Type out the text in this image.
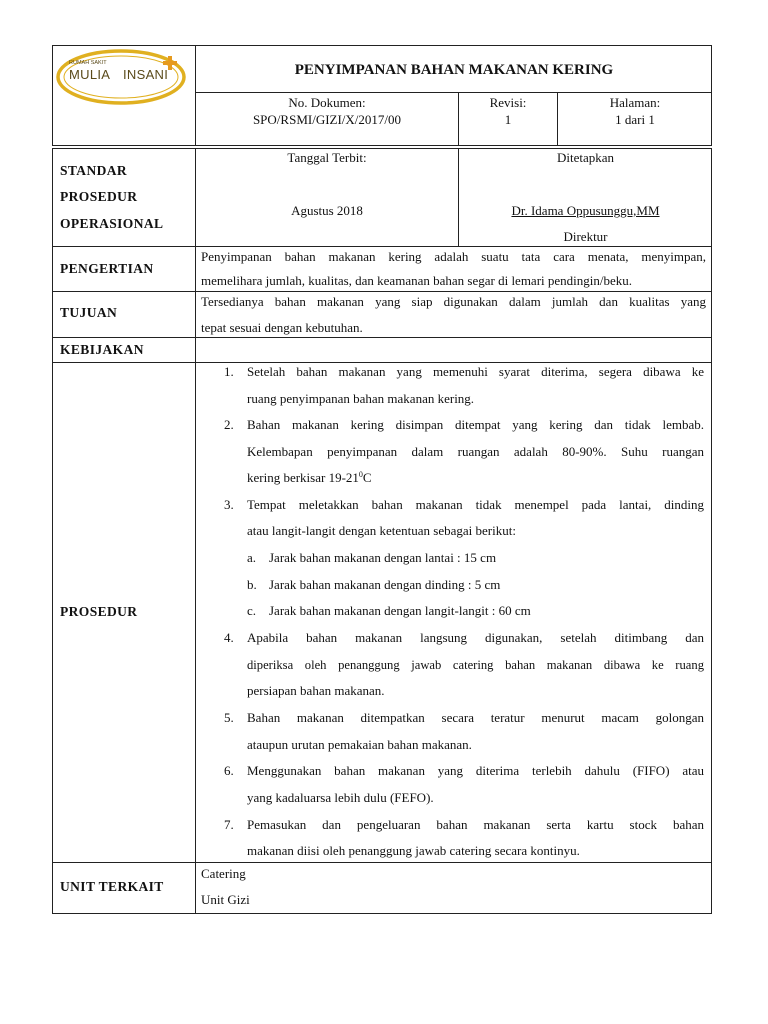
RUMAH SAKIT
MULIA INSANI	PENYIMPANAN BAHAN MAKANAN KERING
No. Dokumen:
SPO/RSMI/GIZI/X/2017/00
Revisi:
1
Halaman:
1 dari 1
STANDAR
PROSEDUR
OPERASIONAL
Tanggal Terbit:
Agustus 2018
Ditetapkan
Dr. Idama Oppusunggu,MM
Direktur
PENGERTIAN
Penyimpanan bahan makanan kering adalah suatu tata cara menata, menyimpan,
memelihara jumlah, kualitas, dan keamanan bahan segar di lemari pendingin/beku.
TUJUAN
Tersedianya bahan makanan yang siap digunakan dalam jumlah dan kualitas yang
tepat sesuai dengan kebutuhan.
KEBIJAKAN
PROSEDUR
1. Setelah bahan makanan yang memenuhi syarat diterima, segera dibawa ke
ruang penyimpanan bahan makanan kering.
2. Bahan makanan kering disimpan ditempat yang kering dan tidak lembab.
Kelembapan penyimpanan dalam ruangan adalah 80-90%. Suhu ruangan
kering berkisar $19-21^0C$
3. Tempat meletakkan bahan makanan tidak menempel pada lantai, dinding
atau langit-langit dengan ketentuan sebagai berikut:
a. Jarak bahan makanan dengan lantai : 15 cm
b. Jarak bahan makanan dengan dinding : 5 cm
c. Jarak bahan makanan dengan langit-langit : 60 cm
4. Apabila bahan makanan langsung digunakan, setelah ditimbang dan
diperiksa oleh penanggung jawab catering bahan makanan dibawa ke ruang
persiapan bahan makanan.
5. Bahan makanan ditempatkan secara teratur menurut macam golongan
ataupun urutan pemakaian bahan makanan.
6. Menggunakan bahan makanan yang diterima terlebih dahulu (FIFO) atau
yang kadaluarsa lebih dulu (FEFO).
7. Pemasukan dan pengeluaran bahan makanan serta kartu stock bahan
makanan diisi oleh penanggung jawab catering secara kontinyu.
UNIT TERKAIT
Catering
Unit Gizi
